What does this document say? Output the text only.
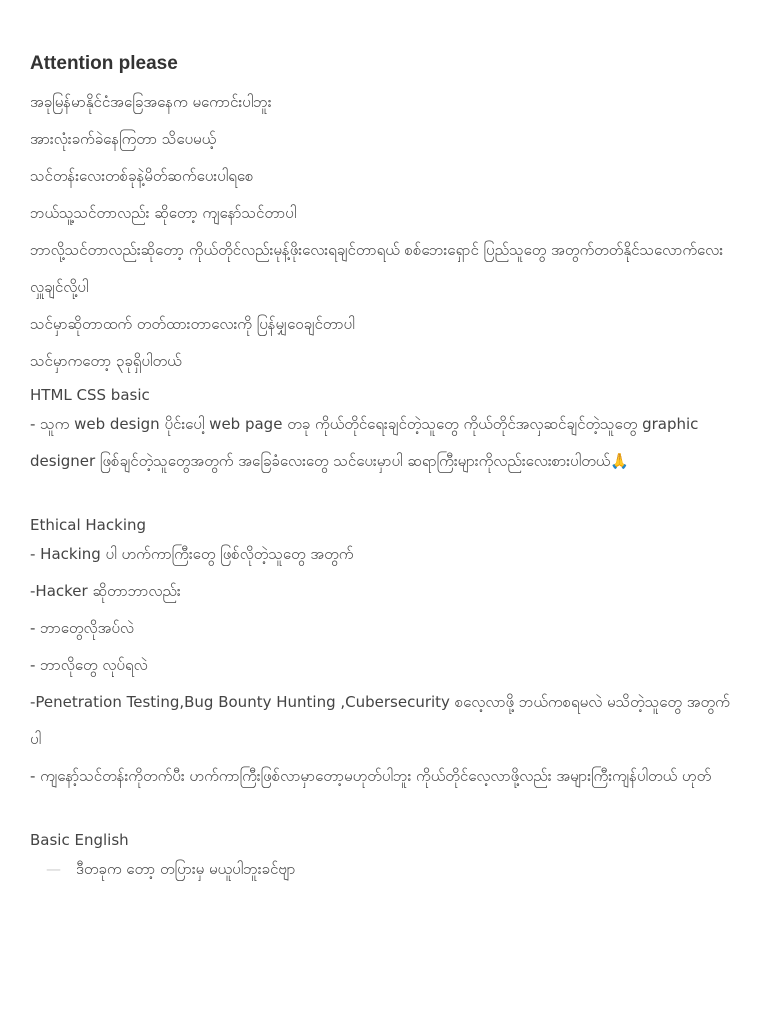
Attention please
အခုမြန်မာနိုင်ငံအခြေအနေက မကောင်းပါဘူး
အားလုံးခက်ခဲနေကြတာ သိပေမယ့်
သင်တန်းလေးတစ်ခုနဲ့မိတ်ဆက်ပေးပါရစေ
ဘယ်သူ့သင်တာလည်း ဆိုတော့ ကျနော်သင်တာပါ
ဘာလို့သင်တာလည်းဆိုတော့ ကိုယ်တိုင်လည်းမုန့်ဖိုးလေးရချင်တာရယ် စစ်ဘေးရှောင် ပြည်သူတွေ အတွက်တတ်နိုင်သလောက်လေး လှူချင်လို့ပါ
သင်မှာဆိုတာထက် တတ်ထားတာလေးကို ပြန်မျှဝေချင်တာပါ
သင်မှာကတော့ ၃ခုရှိပါတယ်
HTML CSS basic
- သူက web design ပိုင်းပေါ့ web page တခု ကိုယ်တိုင်ရေးချင်တဲ့သူတွေ ကိုယ်တိုင်အလှဆင်ချင်တဲ့သူတွေ graphic designer ဖြစ်ချင်တဲ့သူတွေအတွက် အခြေခံလေးတွေ သင်ပေးမှာပါ ဆရာကြီးများကိုလည်းလေးစားပါတယ်🙏
Ethical Hacking
- Hacking ပါ ဟက်ကာကြီးတွေ ဖြစ်လိုတဲ့သူတွေ အတွက်
-Hacker ဆိုတာဘာလည်း
- ဘာတွေလိုအပ်လဲ
- ဘာလိုတွေ လုပ်ရလဲ
-Penetration Testing,Bug Bounty Hunting ,Cubersecurity စလေ့လာဖို့ ဘယ်ကစရမလဲ မသိတဲ့သူတွေ အတွက်ပါ
- ကျနော့်သင်တန်းကိုတက်ပီး ဟက်ကာကြီးဖြစ်လာမှာတော့မဟုတ်ပါဘူး ကိုယ်တိုင်လေ့လာဖို့လည်း အများကြီးကျန်ပါတယ် ဟုတ်
Basic English
— ဒီတခုက တော့ တပြားမှ မယူပါဘူးခင်ဗျာ
